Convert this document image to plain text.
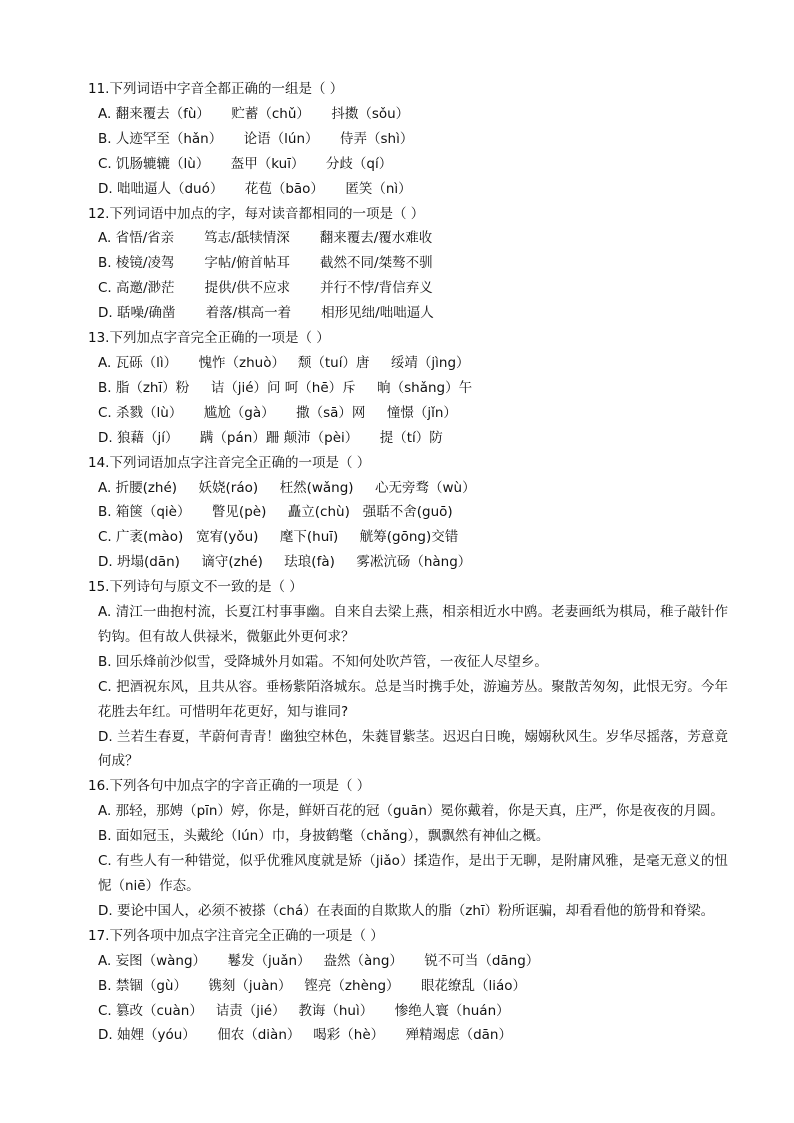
11.下列词语中字音全都正确的一组是（ ）
A. 翻来覆去（fù）     贮蓄（chǔ）     抖擞（sǒu）
B. 人迹罕至（hǎn）     论语（lún）     侍弄（shì）
C. 饥肠辘辘（lù）     盔甲（kuī）     分歧（qí）
D. 咄咄逼人（duó）     花苞（bāo）     匿笑（nì）
12.下列词语中加点的字，每对读音都相同的一项是（ ）
A. 省悟/省亲       笃志/舐犊情深       翻来覆去/覆水难收
B. 棱镜/凌驾       字帖/俯首帖耳       截然不同/桀骜不驯
C. 高邀/渺茫       提供/供不应求       并行不悖/背信弃义
D. 聒噪/确凿       着落/棋高一着       相形见绌/咄咄逼人
13.下列加点字音完全正确的一项是（ ）
A. 瓦砾（lì）     愧怍（zhuò）   颓（tuí）唐     绥靖（jìng）
B. 脂（zhī）粉     诘（jié）问 呵（hē）斥     晌（shǎng）午
C. 杀戮（lù）     尴尬（gà）     撒（sā）网     憧憬（jǐn）
D. 狼藉（jí）     蹒（pán）跚 颠沛（pèi）     提（tí）防
14.下列词语加点字注音完全正确的一项是（ ）
A. 折腰(zhé)     妖娆(ráo)     枉然(wǎng)     心无旁骛（wù）
B. 箱箧（qiè）     瞥见(pè)     矗立(chù)   强聒不舍(guō)
C. 广袤(mào)   宽宥(yǒu)     麾下(huī)     觥筹(gōng)交错
D. 坍塌(dān)     谪守(zhé)     珐琅(fà)     雾凇沆砀（hàng）
15.下列诗句与原文不一致的是（ ）
A. 清江一曲抱村流，长夏江村事事幽。自来自去梁上燕，相亲相近水中鸥。老妻画纸为棋局，稚子敲针作钓钩。但有故人供禄米，微躯此外更何求？
B. 回乐烽前沙似雪，受降城外月如霜。不知何处吹芦管，一夜征人尽望乡。
C. 把酒祝东风，且共从容。垂杨紫陌洛城东。总是当时携手处，游遍芳丛。聚散苦匆匆，此恨无穷。今年花胜去年红。可惜明年花更好，知与谁同?
D. 兰若生春夏，芊蔚何青青！幽独空林色，朱蕤冒紫茎。迟迟白日晚，嫋嫋秋风生。岁华尽摇落，芳意竟何成？
16.下列各句中加点字的字音正确的一项是（ ）
A. 那轻，那娉（pīn）婷，你是，鲜妍百花的冠（guān）冕你戴着，你是天真，庄严，你是夜夜的月圆。
B. 面如冠玉，头戴纶（lún）巾，身披鹤氅（chǎng），飘飘然有神仙之概。
C. 有些人有一种错觉，似乎优雅风度就是矫（jiǎo）揉造作，是出于无聊，是附庸风雅，是毫无意义的忸怩（niē）作态。
D. 要论中国人，必须不被搽（chá）在表面的自欺欺人的脂（zhī）粉所诓骗，却看看他的筋骨和脊梁。
17.下列各项中加点字注音完全正确的一项是（ ）
A. 妄图（wàng）     鬈发（juǎn）   盎然（àng）     锐不可当（dāng）
B. 禁锢（gù）     镌刻（juàn）   铿亮（zhèng）     眼花缭乱（liáo）
C. 篡改（cuàn）   诘责（jié）   教诲（huì）     惨绝人寰（huán）
D. 妯娌（yóu）     佃农（diàn）   喝彩（hè）     殚精竭虑（dān）
